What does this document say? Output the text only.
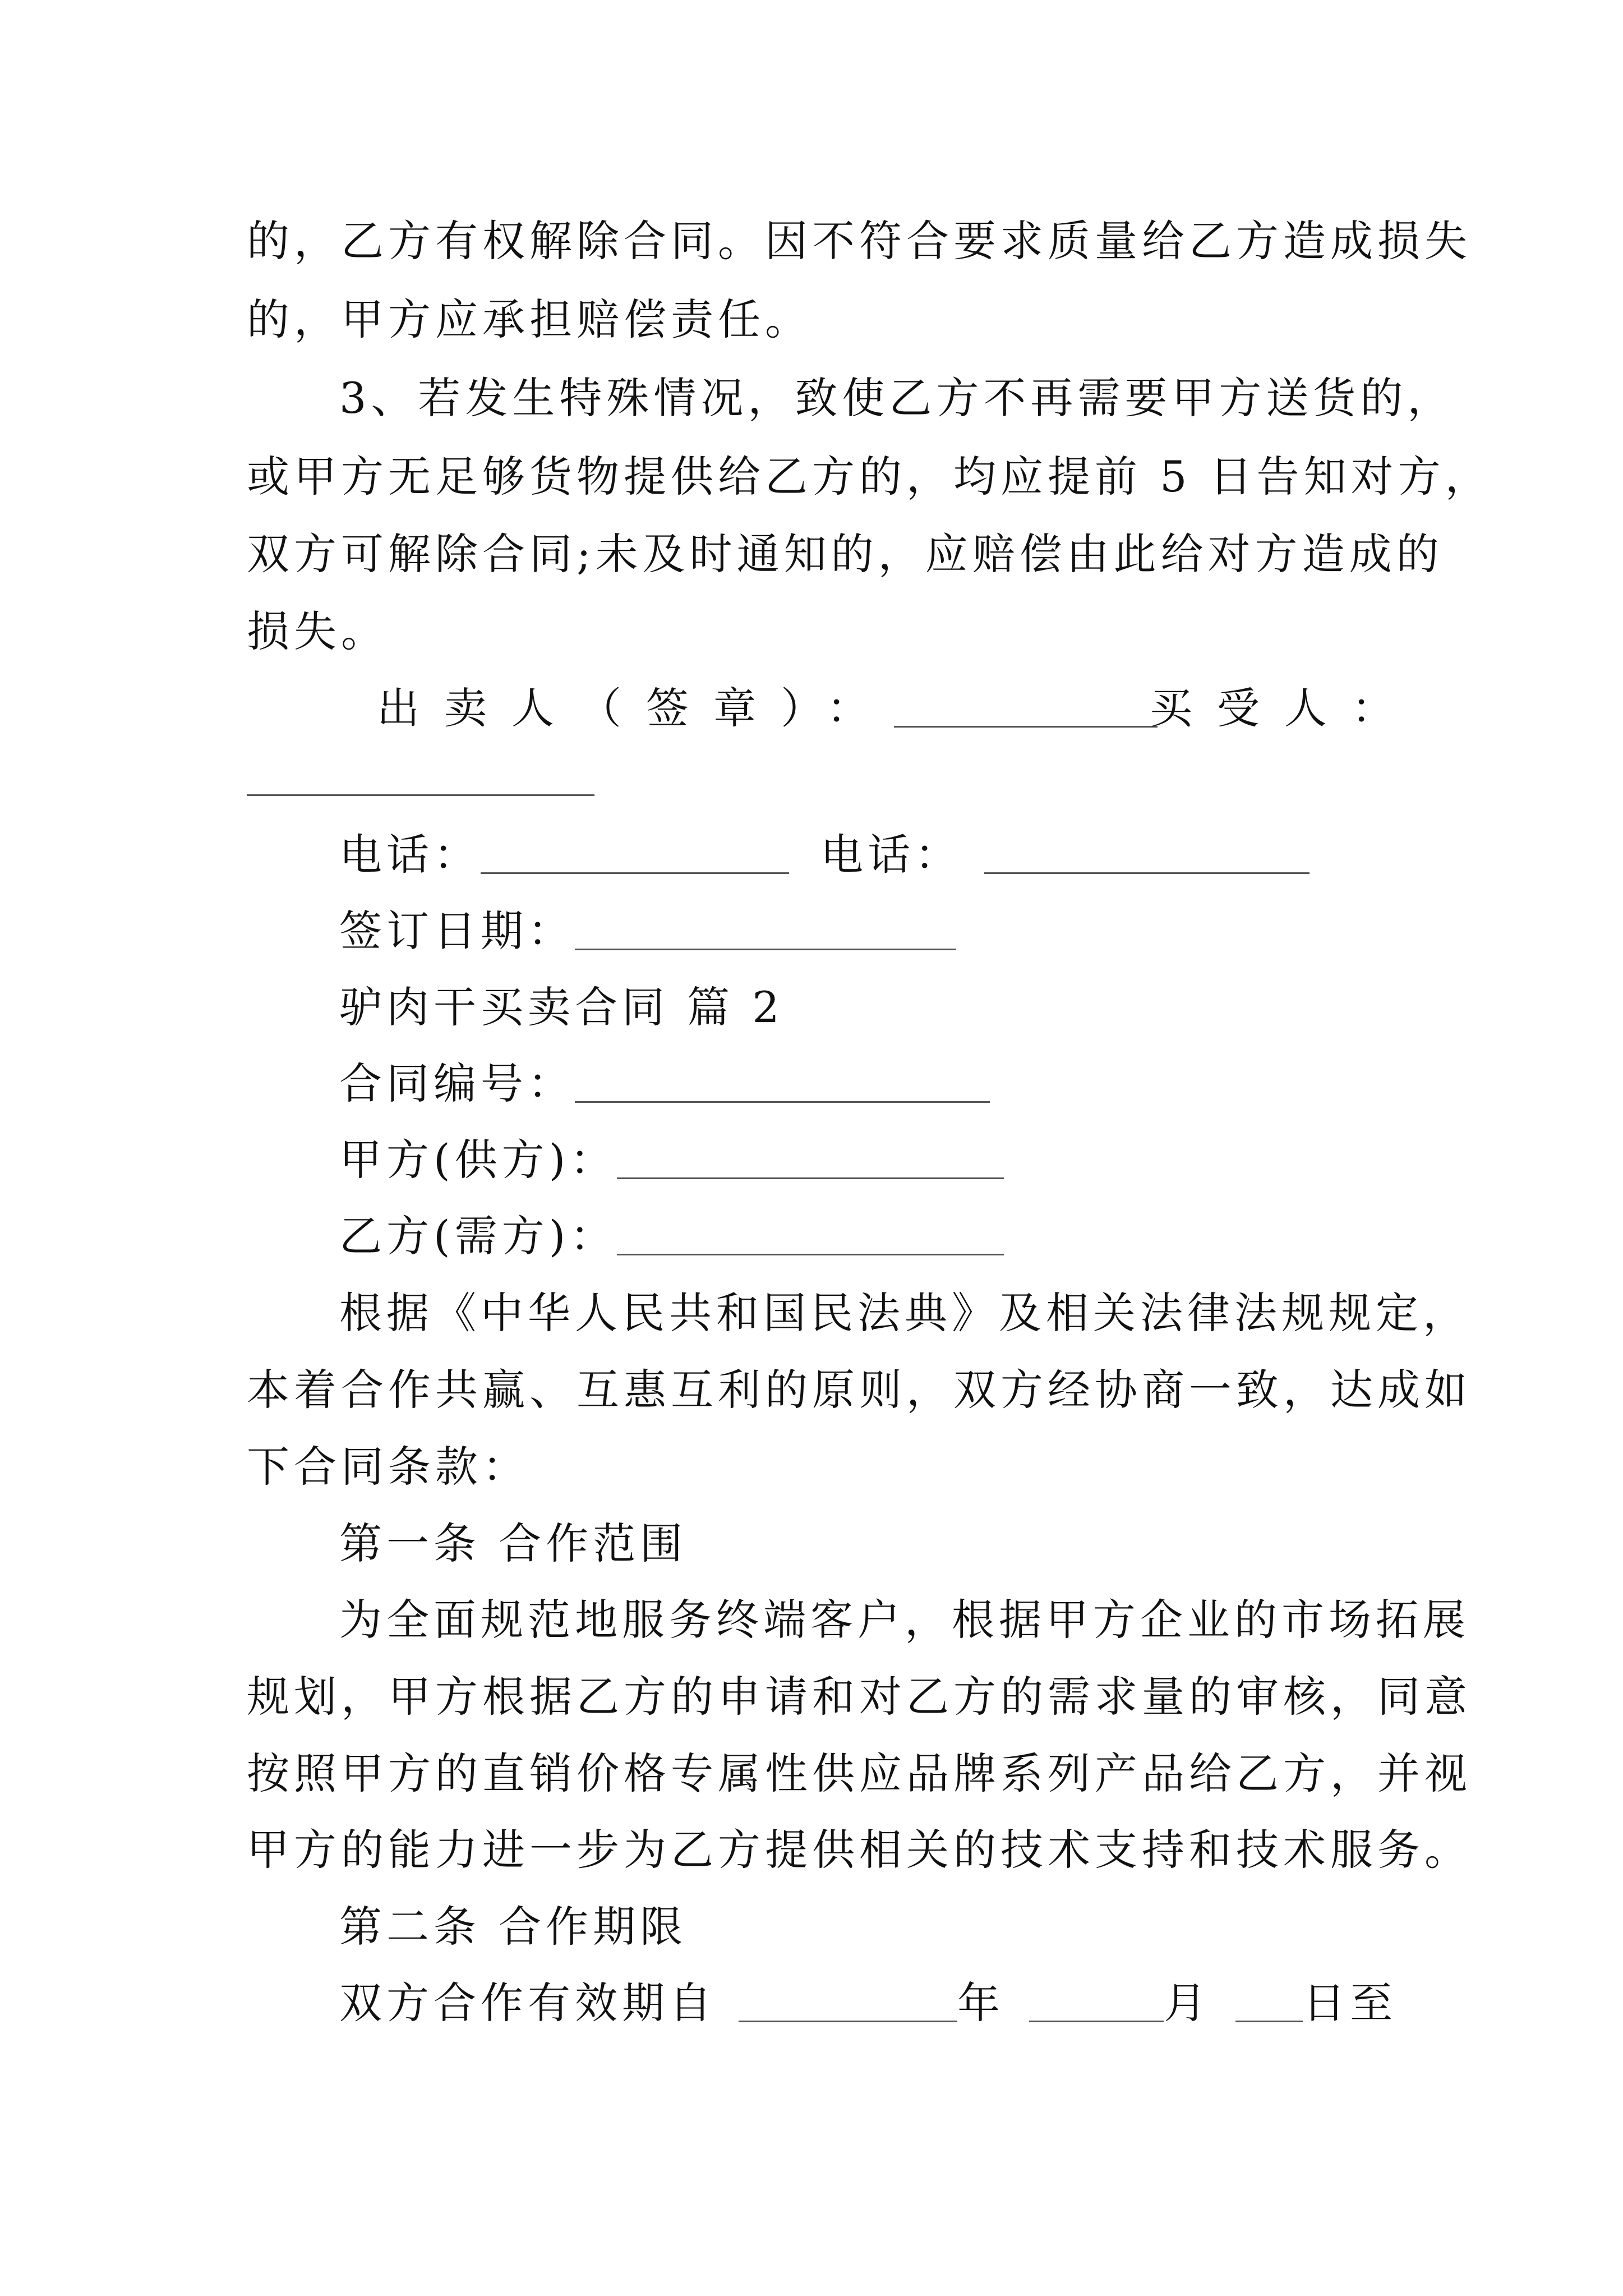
的，乙方有权解除合同。因不符合要求质量给乙方造成损失
的，甲方应承担赔偿责任。
3、若发生特殊情况，致使乙方不再需要甲方送货的，
或甲方无足够货物提供给乙方的，均应提前 5 日告知对方，
双方可解除合同;未及时通知的，应赔偿由此给对方造成的
损失。
出卖人（签章）：	买受人：
电话：	电话：
签订日期：
驴肉干买卖合同 篇 2
合同编号：
甲方(供方)：
乙方(需方)：
根据《中华人民共和国民法典》及相关法律法规规定，
本着合作共赢、互惠互利的原则，双方经协商一致，达成如
下合同条款：
第一条 合作范围
为全面规范地服务终端客户，根据甲方企业的市场拓展
规划，甲方根据乙方的申请和对乙方的需求量的审核，同意
按照甲方的直销价格专属性供应品牌系列产品给乙方，并视
甲方的能力进一步为乙方提供相关的技术支持和技术服务。
第二条 合作期限
双方合作有效期自	年	月 日至
